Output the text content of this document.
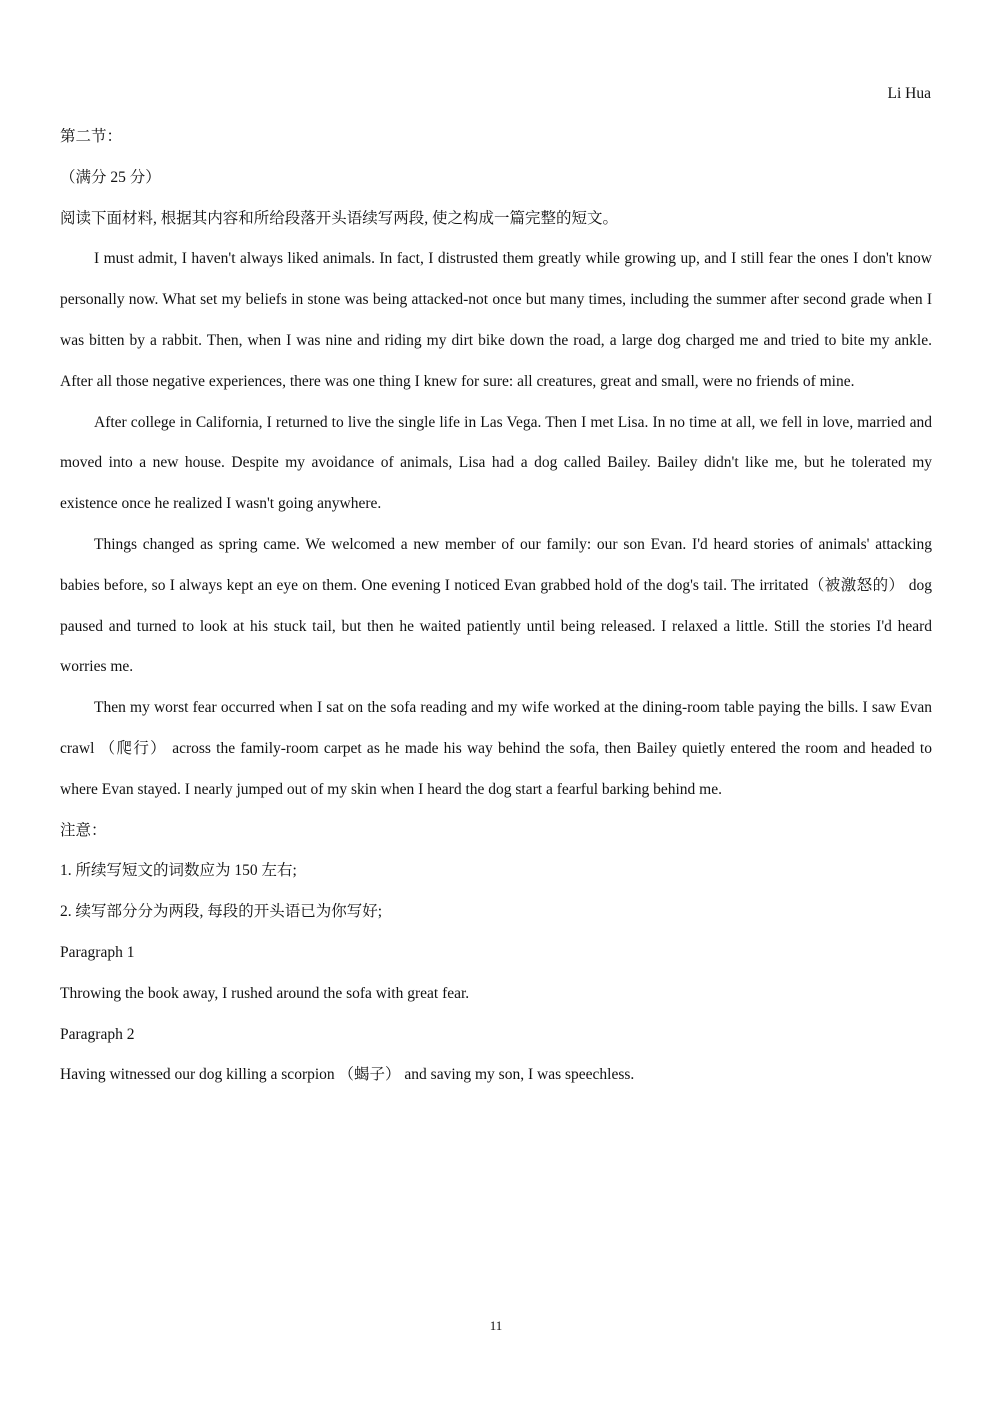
Li Hua

第二节：

（满分 25 分）

阅读下面材料, 根据其内容和所给段落开头语续写两段, 使之构成一篇完整的短文。

I must admit, I haven't always liked animals. In fact, I distrusted them greatly while growing up, and I still fear the ones I don't know personally now. What set my beliefs in stone was being attacked-not once but many times, including the summer after second grade when I was bitten by a rabbit. Then, when I was nine and riding my dirt bike down the road, a large dog charged me and tried to bite my ankle. After all those negative experiences, there was one thing I knew for sure: all creatures, great and small, were no friends of mine.

After college in California, I returned to live the single life in Las Vega. Then I met Lisa. In no time at all, we fell in love, married and moved into a new house. Despite my avoidance of animals, Lisa had a dog called Bailey. Bailey didn't like me, but he tolerated my existence once he realized I wasn't going anywhere.

Things changed as spring came. We welcomed a new member of our family: our son Evan. I'd heard stories of animals' attacking babies before, so I always kept an eye on them. One evening I noticed Evan grabbed hold of the dog's tail. The irritated（被激怒的） dog paused and turned to look at his stuck tail, but then he waited patiently until being released. I relaxed a little. Still the stories I'd heard worries me.

Then my worst fear occurred when I sat on the sofa reading and my wife worked at the dining-room table paying the bills. I saw Evan crawl （爬行） across the family-room carpet as he made his way behind the sofa, then Bailey quietly entered the room and headed to where Evan stayed. I nearly jumped out of my skin when I heard the dog start a fearful barking behind me.

注意：

1. 所续写短文的词数应为 150 左右;

2. 续写部分分为两段, 每段的开头语已为你写好;

Paragraph 1

Throwing the book away, I rushed around the sofa with great fear.

Paragraph 2

Having witnessed our dog killing a scorpion （蝎子） and saving my son, I was speechless.

11
